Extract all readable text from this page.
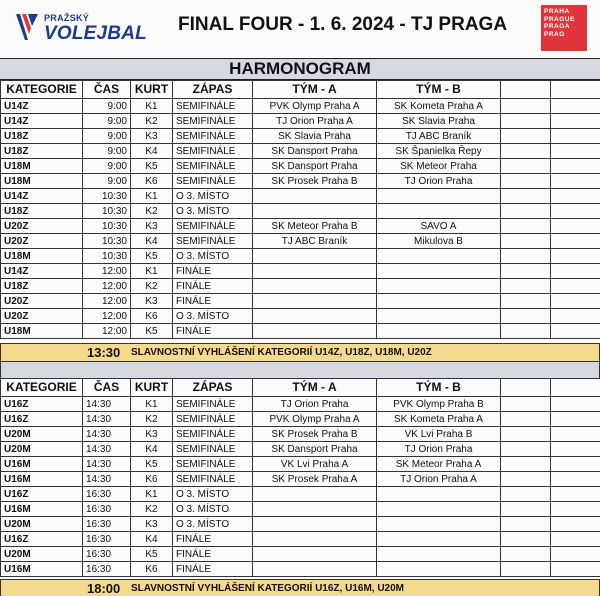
PRAŽSKÝ
VOLEJBAL FINAL FOUR - 1. 6. 2024 - TJ PRAGA
PRAHA
PRAGUE
PRAGA
PRAG
HARMONOGRAM
KATEGORIE	ČAS	KURT	ZÁPAS	TÝM - A	TÝM - B		
U14Z	9:00	K1	SEMIFINÁLE	PVK Olymp Praha A	SK Kometa Praha A		
U14Z	9:00	K2	SEMIFINÁLE	TJ Orion Praha A	SK Slavia Praha		
U18Z	9:00	K3	SEMIFINÁLE	SK Slavia Praha	TJ ABC Braník		
U18Z	9:00	K4	SEMIFINÁLE	SK Dansport Praha	SK Španielka Řepy		
U18M	9:00	K5	SEMIFINÁLE	SK Dansport Praha	SK Meteor Praha		
U18M	9:00	K6	SEMIFINÁLE	SK Prosek Praha B	TJ Orion Praha		
U14Z	10:30	K1	O 3. MÍSTO				
U18Z	10:30	K2	O 3. MÍSTO				
U20Z	10:30	K3	SEMIFINÁLE	SK Meteor Praha B	SAVO A		
U20Z	10:30	K4	SEMIFINÁLE	TJ ABC Braník	Mikulova B		
U18M	10:30	K5	O 3. MÍSTO				
U14Z	12:00	K1	FINÁLE				
U18Z	12:00	K2	FINÁLE				
U20Z	12:00	K3	FINÁLE				
U20Z	12:00	K6	O 3. MÍSTO				
U18M	12:00	K5	FINÁLE				
13:30 SLAVNOSTNÍ VYHLÁŠENÍ KATEGORIÍ U14Z, U18Z, U18M, U20Z
KATEGORIE	ČAS	KURT	ZÁPAS	TÝM - A	TÝM - B		
U16Z	14:30	K1	SEMIFINÁLE	TJ Orion Praha	PVK Olymp Praha B		
U16Z	14:30	K2	SEMIFINÁLE	PVK Olymp Praha A	SK Kometa Praha A		
U20M	14:30	K3	SEMIFINÁLE	SK Prosek Praha B	VK Lvi Praha B		
U20M	14:30	K4	SEMIFINÁLE	SK Dansport Praha	TJ Orion Praha		
U16M	14:30	K5	SEMIFINÁLE	VK Lvi Praha A	SK Meteor Praha A		
U16M	14:30	K6	SEMIFINÁLE	SK Prosek Praha A	TJ Orion Praha A		
U16Z	16:30	K1	O 3. MÍSTO				
U16M	16:30	K2	O 3. MÍSTO				
U20M	16:30	K3	O 3. MÍSTO				
U16Z	16:30	K4	FINÁLE				
U20M	16:30	K5	FINÁLE				
U16M	16:30	K6	FINÁLE				
18:00 SLAVNOSTNÍ VYHLÁŠENÍ KATEGORIÍ U16Z, U16M, U20M
